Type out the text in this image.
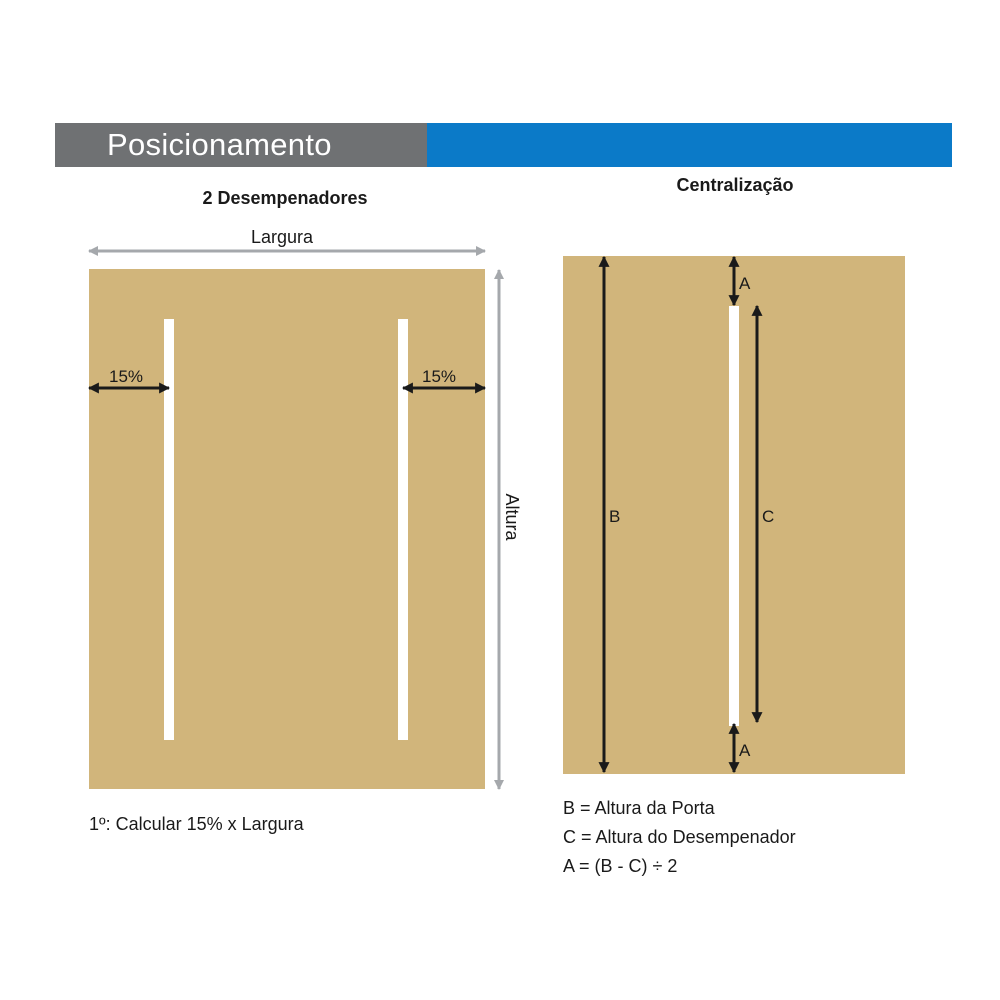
Posicionamento
2 Desempenadores
Centralização
Largura
Altura
15%	15%
B	C
A
A
1º: Calcular 15% x Largura
B = Altura da Porta
C = Altura do Desempenador
A = (B - C) ÷ 2
